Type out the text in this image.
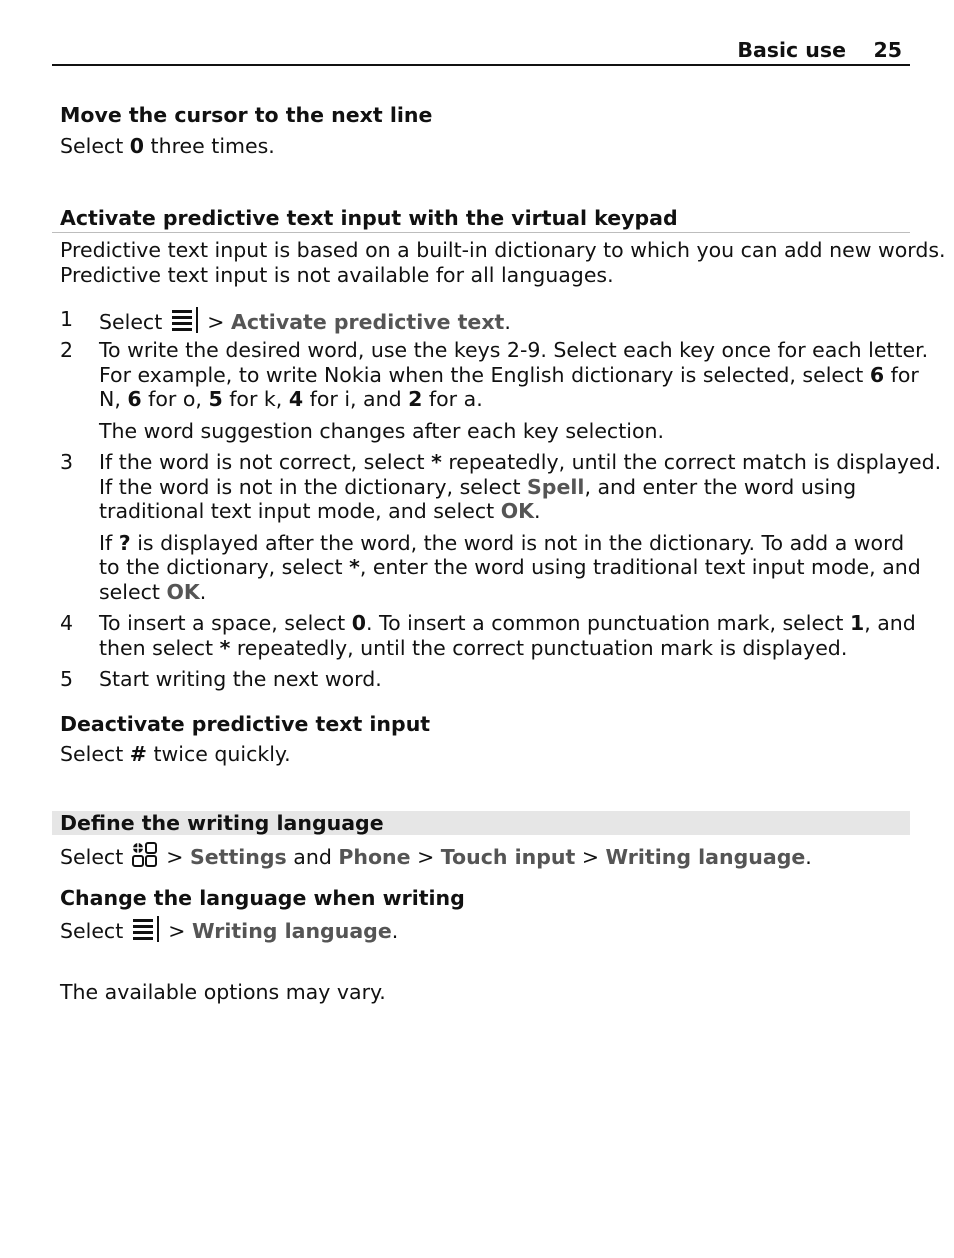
Basic use 25
Move the cursor to the next line
Select 0 three times.
Activate predictive text input with the virtual keypad
Predictive text input is based on a built-in dictionary to which you can add new words.
Predictive text input is not available for all languages.
1 Select  > Activate predictive text.
2 To write the desired word, use the keys 2-9. Select each key once for each letter.
For example, to write Nokia when the English dictionary is selected, select 6 for
N, 6 for o, 5 for k, 4 for i, and 2 for a.
The word suggestion changes after each key selection.
3 If the word is not correct, select * repeatedly, until the correct match is displayed.
If the word is not in the dictionary, select Spell, and enter the word using
traditional text input mode, and select OK.
If ? is displayed after the word, the word is not in the dictionary. To add a word
to the dictionary, select *, enter the word using traditional text input mode, and
select OK.
4 To insert a space, select 0. To insert a common punctuation mark, select 1, and
then select * repeatedly, until the correct punctuation mark is displayed.
5 Start writing the next word.
Deactivate predictive text input
Select # twice quickly.
Define the writing language
Select  > Settings and Phone > Touch input > Writing language.
Change the language when writing
Select  > Writing language.
The available options may vary.
